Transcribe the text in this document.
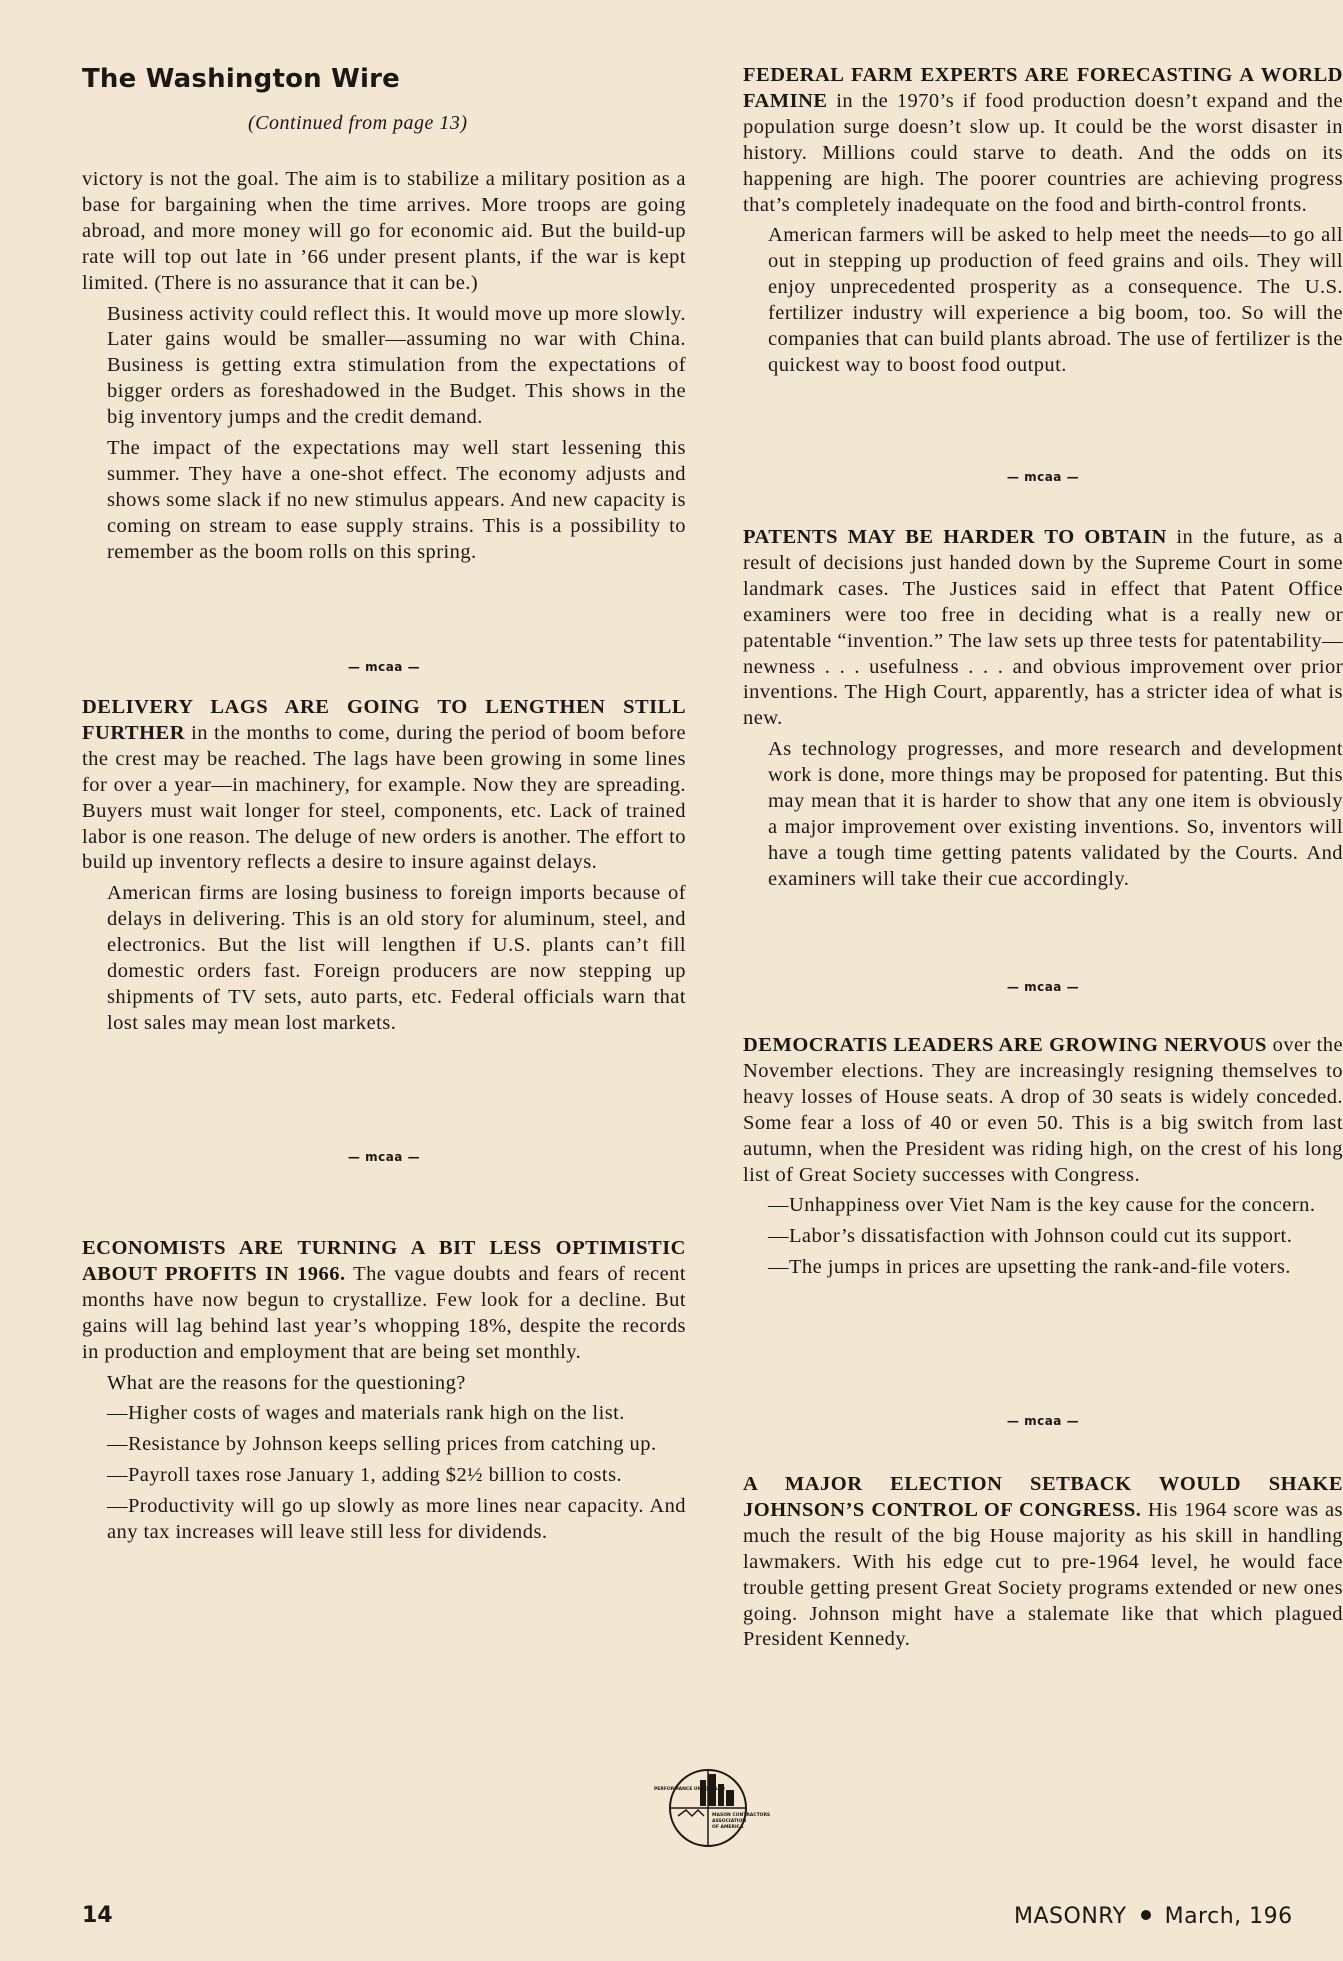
The Washington Wire
(Continued from page 13)

victory is not the goal. The aim is to stabilize a military position as a base for bargaining when the time arrives. More troops are going abroad, and more money will go for economic aid. But the build-up rate will top out late in ’66 under present plants, if the war is kept limited. (There is no assurance that it can be.)

Business activity could reflect this. It would move up more slowly. Later gains would be smaller—assuming no war with China. Business is getting extra stimulation from the expectations of bigger orders as foreshadowed in the Budget. This shows in the big inventory jumps and the credit demand.

The impact of the expectations may well start lessening this summer. They have a one-shot effect. The economy adjusts and shows some slack if no new stimulus appears. And new capacity is coming on stream to ease supply strains. This is a possibility to remember as the boom rolls on this spring.

— mcaa —

DELIVERY LAGS ARE GOING TO LENGTHEN STILL FURTHER in the months to come, during the period of boom before the crest may be reached. The lags have been growing in some lines for over a year—in machinery, for example. Now they are spreading. Buyers must wait longer for steel, components, etc. Lack of trained labor is one reason. The deluge of new orders is another. The effort to build up inventory reflects a desire to insure against delays.

American firms are losing business to foreign imports because of delays in delivering. This is an old story for aluminum, steel, and electronics. But the list will lengthen if U.S. plants can’t fill domestic orders fast. Foreign producers are now stepping up shipments of TV sets, auto parts, etc. Federal officials warn that lost sales may mean lost markets.

— mcaa —

ECONOMISTS ARE TURNING A BIT LESS OPTIMISTIC ABOUT PROFITS IN 1966. The vague doubts and fears of recent months have now begun to crystallize. Few look for a decline. But gains will lag behind last year’s whopping 18%, despite the records in production and employment that are being set monthly.

What are the reasons for the questioning?

—Higher costs of wages and materials rank high on the list.

—Resistance by Johnson keeps selling prices from catching up.

—Payroll taxes rose January 1, adding $2½ billion to costs.

—Productivity will go up slowly as more lines near capacity. And any tax increases will leave still less for dividends.

FEDERAL FARM EXPERTS ARE FORECASTING A WORLD FAMINE in the 1970’s if food production doesn’t expand and the population surge doesn’t slow up. It could be the worst disaster in history. Millions could starve to death. And the odds on its happening are high. The poorer countries are achieving progress that’s completely inadequate on the food and birth-control fronts.

American farmers will be asked to help meet the needs—to go all out in stepping up production of feed grains and oils. They will enjoy unprecedented prosperity as a consequence. The U.S. fertilizer industry will experience a big boom, too. So will the companies that can build plants abroad. The use of fertilizer is the quickest way to boost food output.

— mcaa —

PATENTS MAY BE HARDER TO OBTAIN in the future, as a result of decisions just handed down by the Supreme Court in some landmark cases. The Justices said in effect that Patent Office examiners were too free in deciding what is a really new or patentable “invention.” The law sets up three tests for patentability—newness . . . usefulness . . . and obvious improvement over prior inventions. The High Court, apparently, has a stricter idea of what is new.

As technology progresses, and more research and development work is done, more things may be proposed for patenting. But this may mean that it is harder to show that any one item is obviously a major improvement over existing inventions. So, inventors will have a tough time getting patents validated by the Courts. And examiners will take their cue accordingly.

— mcaa —

DEMOCRATIS LEADERS ARE GROWING NERVOUS over the November elections. They are increasingly resigning themselves to heavy losses of House seats. A drop of 30 seats is widely conceded. Some fear a loss of 40 or even 50. This is a big switch from last autumn, when the President was riding high, on the crest of his long list of Great Society successes with Congress.

—Unhappiness over Viet Nam is the key cause for the concern.

—Labor’s dissatisfaction with Johnson could cut its support.

—The jumps in prices are upsetting the rank-and-file voters.

— mcaa —

A MAJOR ELECTION SETBACK WOULD SHAKE JOHNSON’S CONTROL OF CONGRESS. His 1964 score was as much the result of the big House majority as his skill in handling lawmakers. With his edge cut to pre-1964 level, he would face trouble getting present Great Society programs extended or new ones going. Johnson might have a stalemate like that which plagued President Kennedy.

PERFORMANCE UNEQUALED
MASON CONTRACTORS
ASSOCIATION
OF AMERICA
14	MASONRY March, 196
